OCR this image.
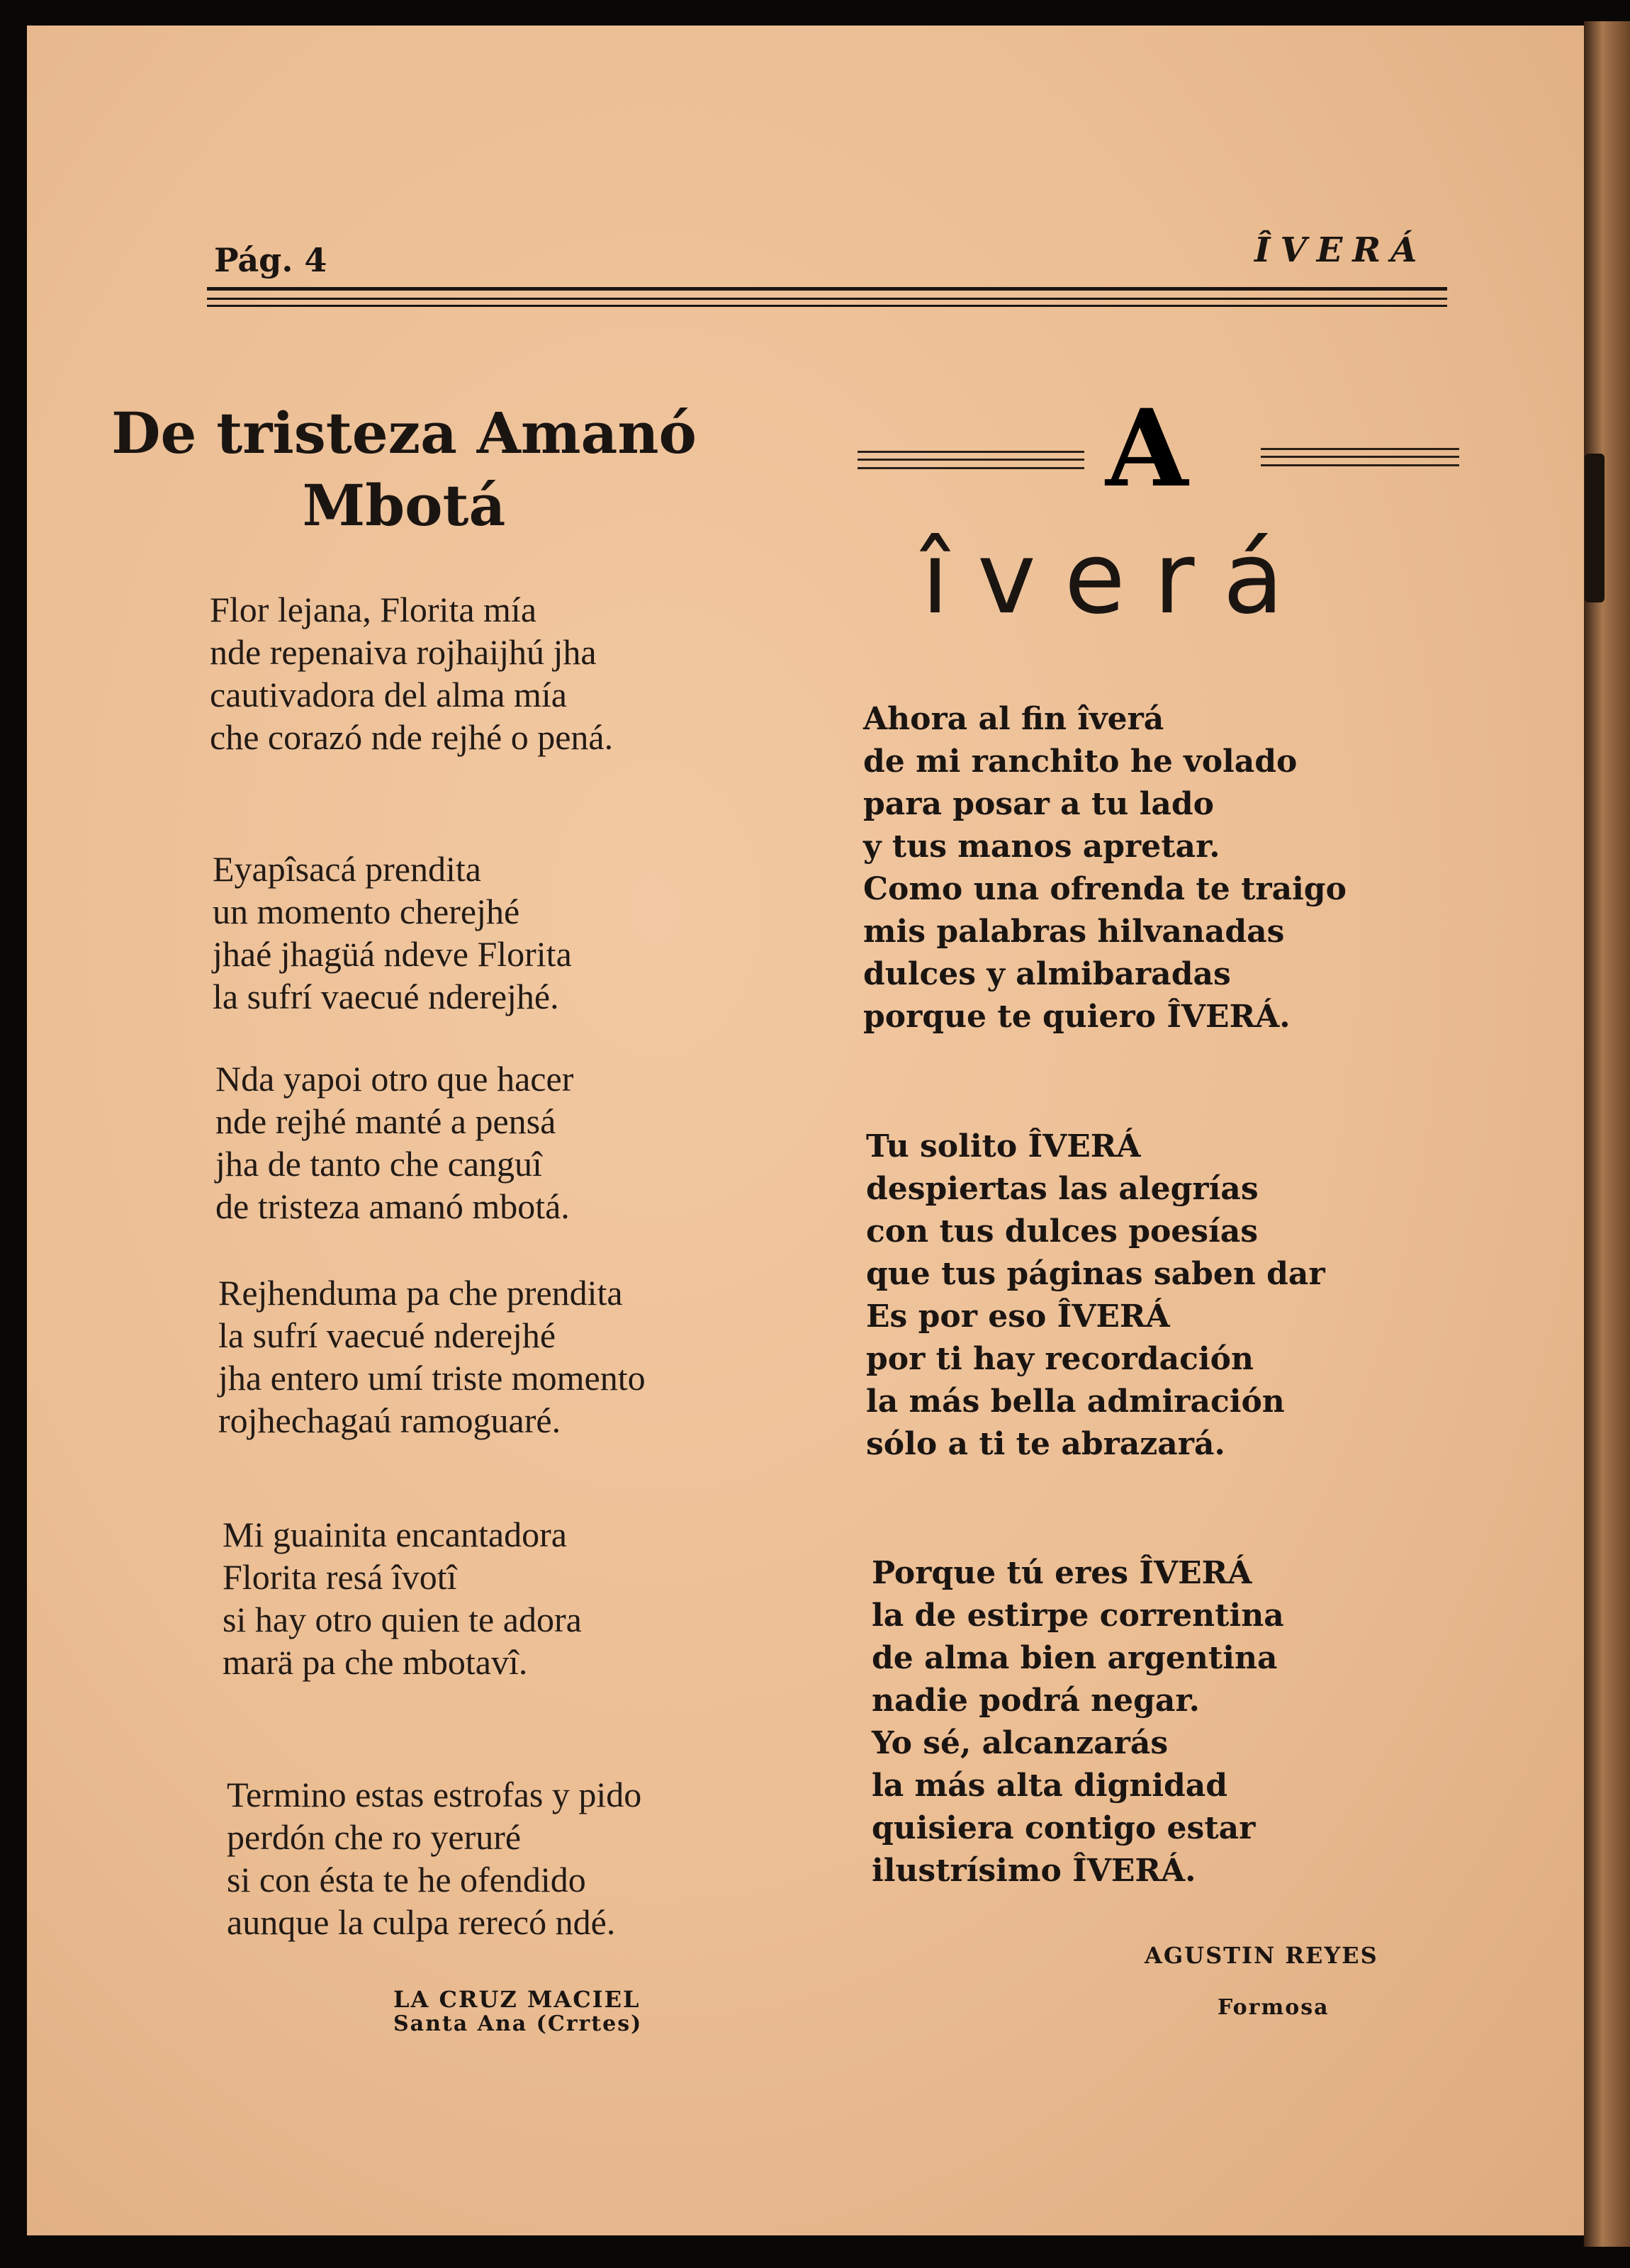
Pág. 4	ÎVERÁ
De tristeza Amanó
Mbotá
Flor lejana, Florita mía
nde repenaiva rojhaijhú jha
cautivadora del alma mía
che corazó nde rejhé o pená.
Eyapîsacá prendita
un momento cherejhé
jhaé jhagüá ndeve Florita
la sufrí vaecué nderejhé.
Nda yapoi otro que hacer
nde rejhé manté a pensá
jha de tanto che canguî
de tristeza amanó mbotá.
Rejhenduma pa che prendita
la sufrí vaecué nderejhé
jha entero umí triste momento
rojhechagaú ramoguaré.
Mi guainita encantadora
Florita resá îvotî
si hay otro quien te adora
marä pa che mbotavî.
Termino estas estrofas y pido
perdón che ro yeruré
si con ésta te he ofendido
aunque la culpa rerecó ndé.
LA CRUZ MACIEL
Santa Ana (Crrtes)
A
îverá
Ahora al fin îverá
de mi ranchito he volado
para posar a tu lado
y tus manos apretar.
Como una ofrenda te traigo
mis palabras hilvanadas
dulces y almibaradas
porque te quiero ÎVERÁ.
Tu solito ÎVERÁ
despiertas las alegrías
con tus dulces poesías
que tus páginas saben dar
Es por eso ÎVERÁ
por ti hay recordación
la más bella admiración
sólo a ti te abrazará.
Porque tú eres ÎVERÁ
la de estirpe correntina
de alma bien argentina
nadie podrá negar.
Yo sé, alcanzarás
la más alta dignidad
quisiera contigo estar
ilustrísimo ÎVERÁ.
AGUSTIN REYES
Formosa
